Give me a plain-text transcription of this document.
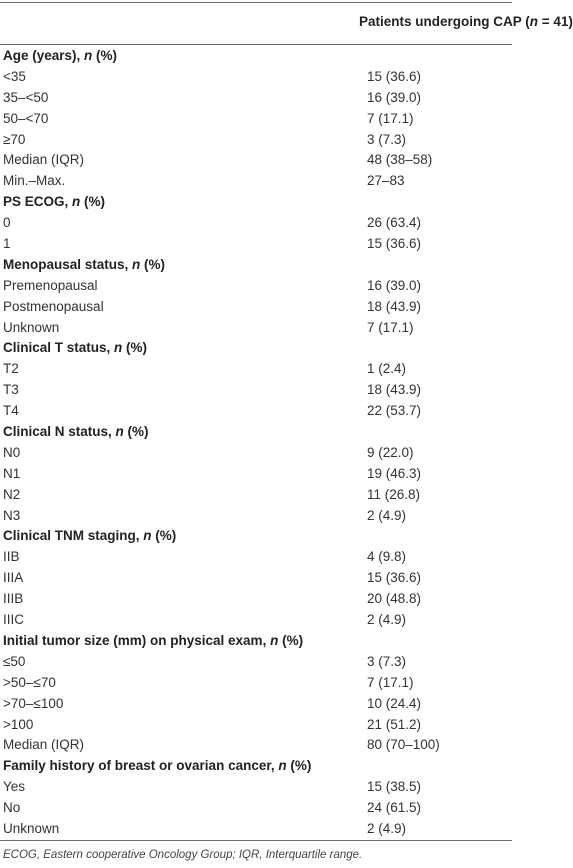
Patients undergoing CAP (n = 41)
Age (years), n (%)
<35	15 (36.6)
35–<50	16 (39.0)
50–<70	7 (17.1)
≥70	3 (7.3)
Median (IQR)	48 (38–58)
Min.–Max.	27–83
PS ECOG, n (%)
0	26 (63.4)
1	15 (36.6)
Menopausal status, n (%)
Premenopausal	16 (39.0)
Postmenopausal	18 (43.9)
Unknown	7 (17.1)
Clinical T status, n (%)
T2	1 (2.4)
T3	18 (43.9)
T4	22 (53.7)
Clinical N status, n (%)
N0	9 (22.0)
N1	19 (46.3)
N2	11 (26.8)
N3	2 (4.9)
Clinical TNM staging, n (%)
IIB	4 (9.8)
IIIA	15 (36.6)
IIIB	20 (48.8)
IIIC	2 (4.9)
Initial tumor size (mm) on physical exam, n (%)
≤50	3 (7.3)
>50–≤70	7 (17.1)
>70–≤100	10 (24.4)
>100	21 (51.2)
Median (IQR)	80 (70–100)
Family history of breast or ovarian cancer, n (%)
Yes	15 (38.5)
No	24 (61.5)
Unknown	2 (4.9)
ECOG, Eastern cooperative Oncology Group; IQR, Interquartile range.
